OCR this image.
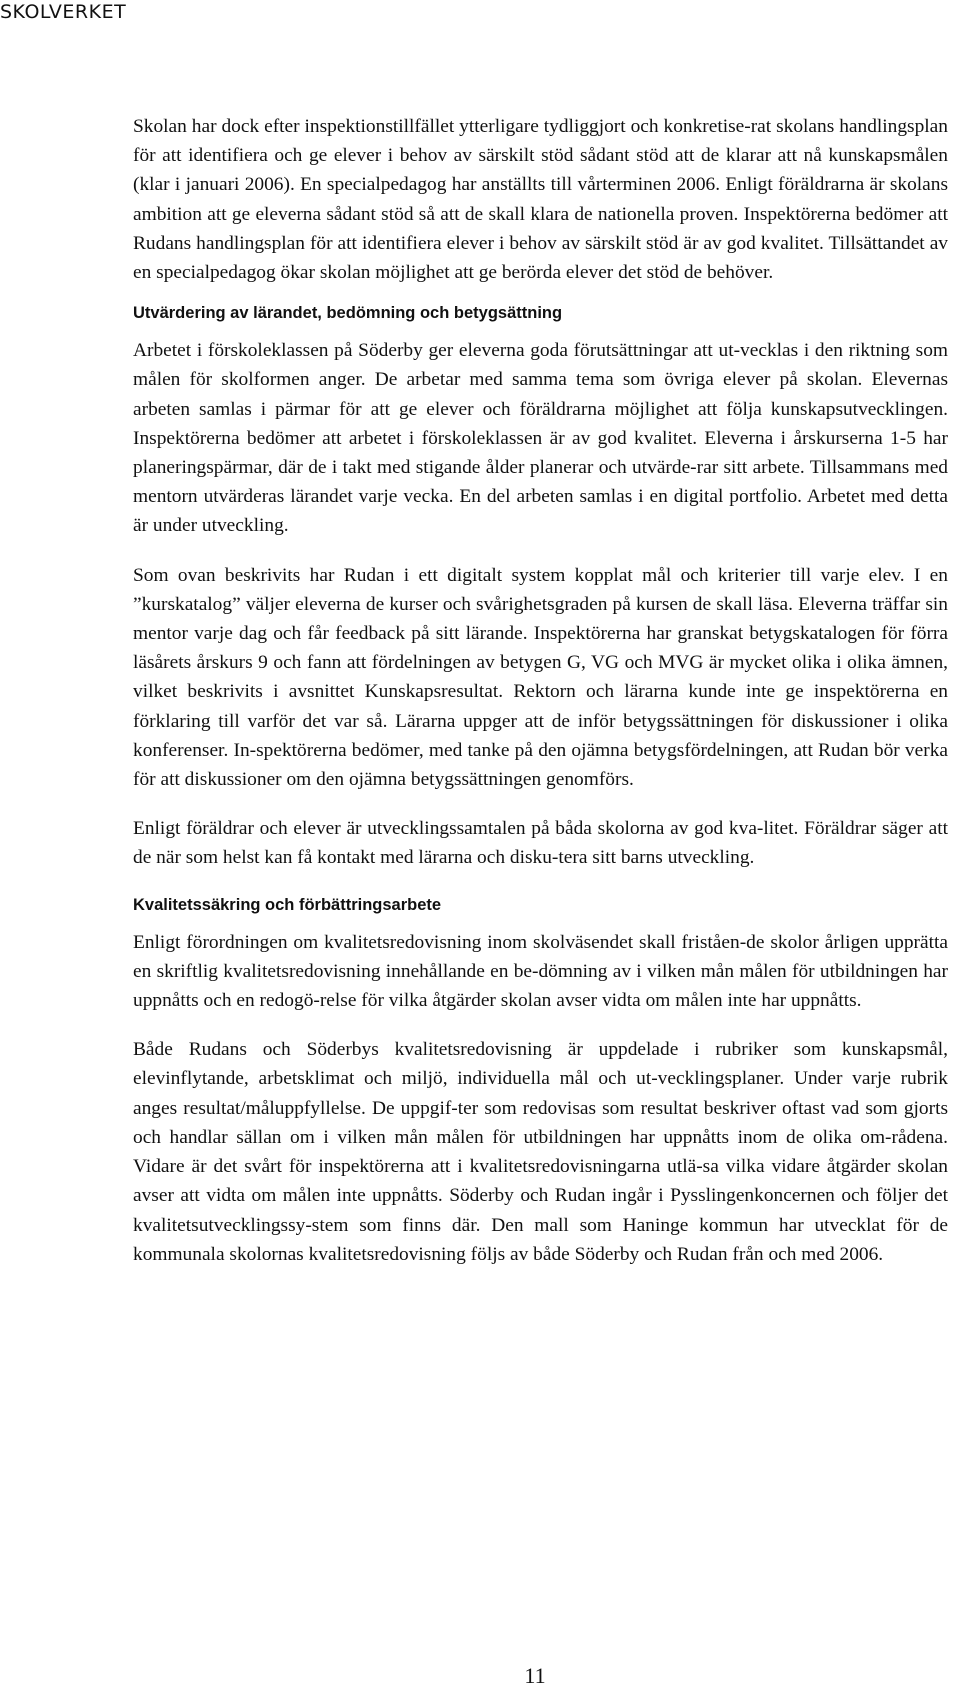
SKOLVERKET

Skolan har dock efter inspektionstillfället ytterligare tydliggjort och konkretise-rat skolans handlingsplan för att identifiera och ge elever i behov av särskilt stöd sådant stöd att de klarar att nå kunskapsmålen (klar i januari 2006). En specialpedagog har anställts till vårterminen 2006. Enligt föräldrarna är skolans ambition att ge eleverna sådant stöd så att de skall klara de nationella proven. Inspektörerna bedömer att Rudans handlingsplan för att identifiera elever i behov av särskilt stöd är av god kvalitet. Tillsättandet av en specialpedagog ökar skolan möjlighet att ge berörda elever det stöd de behöver.

Utvärdering av lärandet, bedömning och betygsättning

Arbetet i förskoleklassen på Söderby ger eleverna goda förutsättningar att ut-vecklas i den riktning som målen för skolformen anger. De arbetar med samma tema som övriga elever på skolan. Elevernas arbeten samlas i pärmar för att ge elever och föräldrarna möjlighet att följa kunskapsutvecklingen. Inspektörerna bedömer att arbetet i förskoleklassen är av god kvalitet. Eleverna i årskurserna 1-5 har planeringspärmar, där de i takt med stigande ålder planerar och utvärde-rar sitt arbete. Tillsammans med mentorn utvärderas lärandet varje vecka. En del arbeten samlas i en digital portfolio. Arbetet med detta är under utveckling.

Som ovan beskrivits har Rudan i ett digitalt system kopplat mål och kriterier till varje elev. I en ”kurskatalog” väljer eleverna de kurser och svårighetsgraden på kursen de skall läsa. Eleverna träffar sin mentor varje dag och får feedback på sitt lärande. Inspektörerna har granskat betygskatalogen för förra läsårets årskurs 9 och fann att fördelningen av betygen G, VG och MVG är mycket olika i olika ämnen, vilket beskrivits i avsnittet Kunskapsresultat. Rektorn och lärarna kunde inte ge inspektörerna en förklaring till varför det var så. Lärarna uppger att de inför betygssättningen för diskussioner i olika konferenser. In-spektörerna bedömer, med tanke på den ojämna betygsfördelningen, att Rudan bör verka för att diskussioner om den ojämna betygssättningen genomförs.

Enligt föräldrar och elever är utvecklingssamtalen på båda skolorna av god kva-litet. Föräldrar säger att de när som helst kan få kontakt med lärarna och disku-tera sitt barns utveckling.

Kvalitetssäkring och förbättringsarbete

Enligt förordningen om kvalitetsredovisning inom skolväsendet skall friståen-de skolor årligen upprätta en skriftlig kvalitetsredovisning innehållande en be-dömning av i vilken mån målen för utbildningen har uppnåtts och en redogö-relse för vilka åtgärder skolan avser vidta om målen inte har uppnåtts.

Både Rudans och Söderbys kvalitetsredovisning är uppdelade i rubriker som kunskapsmål, elevinflytande, arbetsklimat och miljö, individuella mål och ut-vecklingsplaner. Under varje rubrik anges resultat/måluppfyllelse. De uppgif-ter som redovisas som resultat beskriver oftast vad som gjorts och handlar sällan om i vilken mån målen för utbildningen har uppnåtts inom de olika om-rådena. Vidare är det svårt för inspektörerna att i kvalitetsredovisningarna utlä-sa vilka vidare åtgärder skolan avser att vidta om målen inte uppnåtts. Söderby och Rudan ingår i Pysslingenkoncernen och följer det kvalitetsutvecklingssy-stem som finns där. Den mall som Haninge kommun har utvecklat för de kommunala skolornas kvalitetsredovisning följs av både Söderby och Rudan från och med 2006.

11
